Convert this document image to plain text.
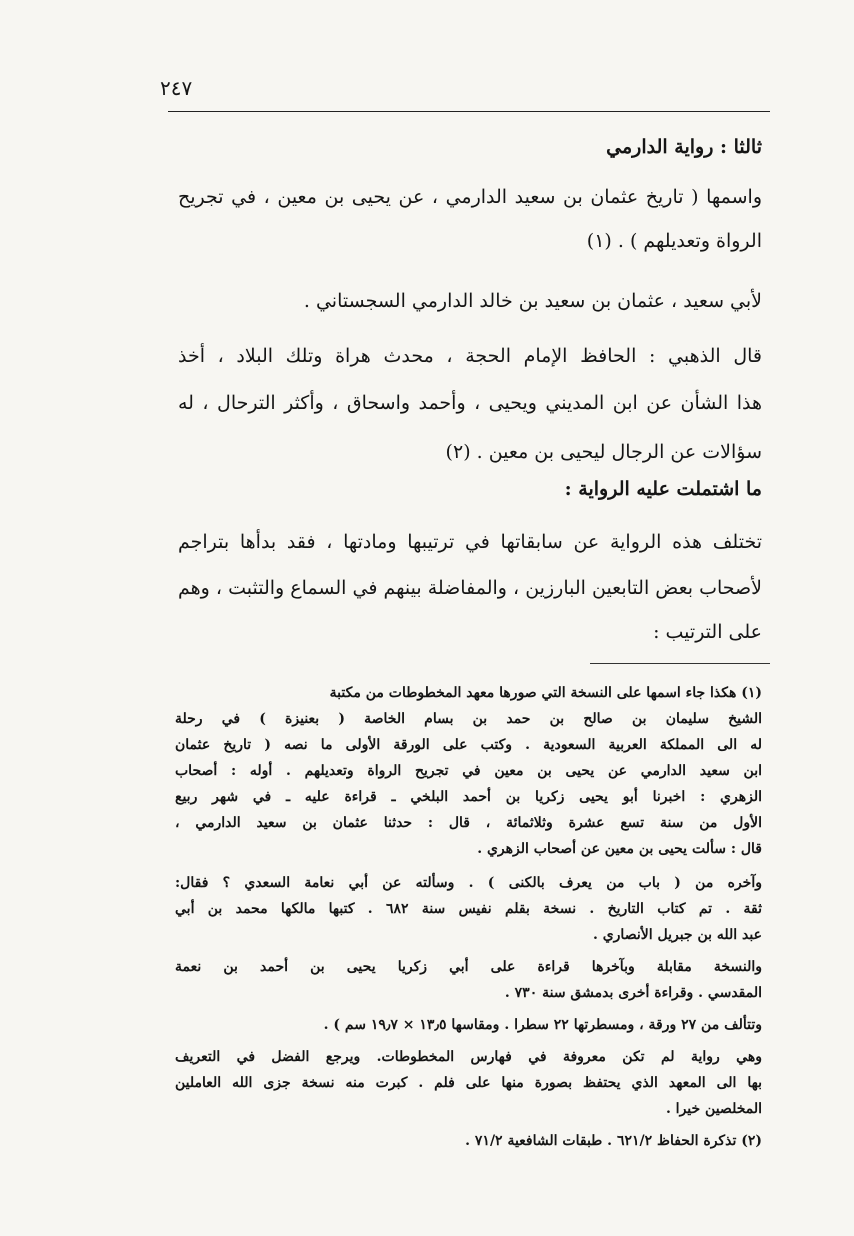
٢٤٧
ثالثا : رواية الدارمي
واسمها ( تاريخ عثمان بن سعيد الدارمي ، عن يحيى بن معين ، في تجريح
الرواة وتعديلهم ) . (١)
لأبي سعيد ، عثمان بن سعيد بن خالد الدارمي السجستاني .
قال الذهبي : الحافظ الإمام الحجة ، محدث هراة وتلك البلاد ، أخذ
هذا الشأن عن ابن المديني ويحيى ، وأحمد واسحاق ، وأكثر الترحال ، له
سؤالات عن الرجال ليحيى بن معين . (٢)
ما اشتملت عليه الرواية :
تختلف هذه الرواية عن سابقاتها في ترتيبها ومادتها ، فقد بدأها بتراجم
لأصحاب بعض التابعين البارزين ، والمفاضلة بينهم في السماع والتثبت ، وهم
على الترتيب :
(١) هكذا جاء اسمها على النسخة التي صورها معهد المخطوطات من مكتبة
الشيخ سليمان بن صالح بن حمد بن بسام الخاصة ( بعنيزة ) في رحلة
له الى المملكة العربية السعودية . وكتب على الورقة الأولى ما نصه ( تاريخ عثمان
ابن سعيد الدارمي عن يحيى بن معين في تجريح الرواة وتعديلهم . أوله : أصحاب
الزهري : اخبرنا أبو يحيى زكريا بن أحمد البلخي ـ قراءة عليه ـ في شهر ربيع
الأول من سنة تسع عشرة وثلاثمائة ، قال : حدثنا عثمان بن سعيد الدارمي ،
قال : سألت يحيى بن معين عن أصحاب الزهري .
وآخره من ( باب من يعرف بالكنى ) . وسألته عن أبي نعامة السعدي ؟ فقال:
ثقة . تم كتاب التاريخ . نسخة بقلم نفيس سنة ٦٨٢ . كتبها مالكها محمد بن أبي
عبد الله بن جبريل الأنصاري .
والنسخة مقابلة وبآخرها قراءة على أبي زكريا يحيى بن أحمد بن نعمة
المقدسي . وقراءة أخرى بدمشق سنة ٧٣٠ .
وتتألف من ٢٧ ورقة ، ومسطرتها ٢٢ سطرا . ومقاسها ١٣٫٥ × ١٩٫٧ سم ) .
وهي رواية لم تكن معروفة في فهارس المخطوطات. ويرجع الفضل في التعريف
بها الى المعهد الذي يحتفظ بصورة منها على فلم . كبرت منه نسخة جزى الله العاملين
المخلصين خيرا .
(٢) تذكرة الحفاظ ٦٢١/٢ . طبقات الشافعية ٧١/٢ .
